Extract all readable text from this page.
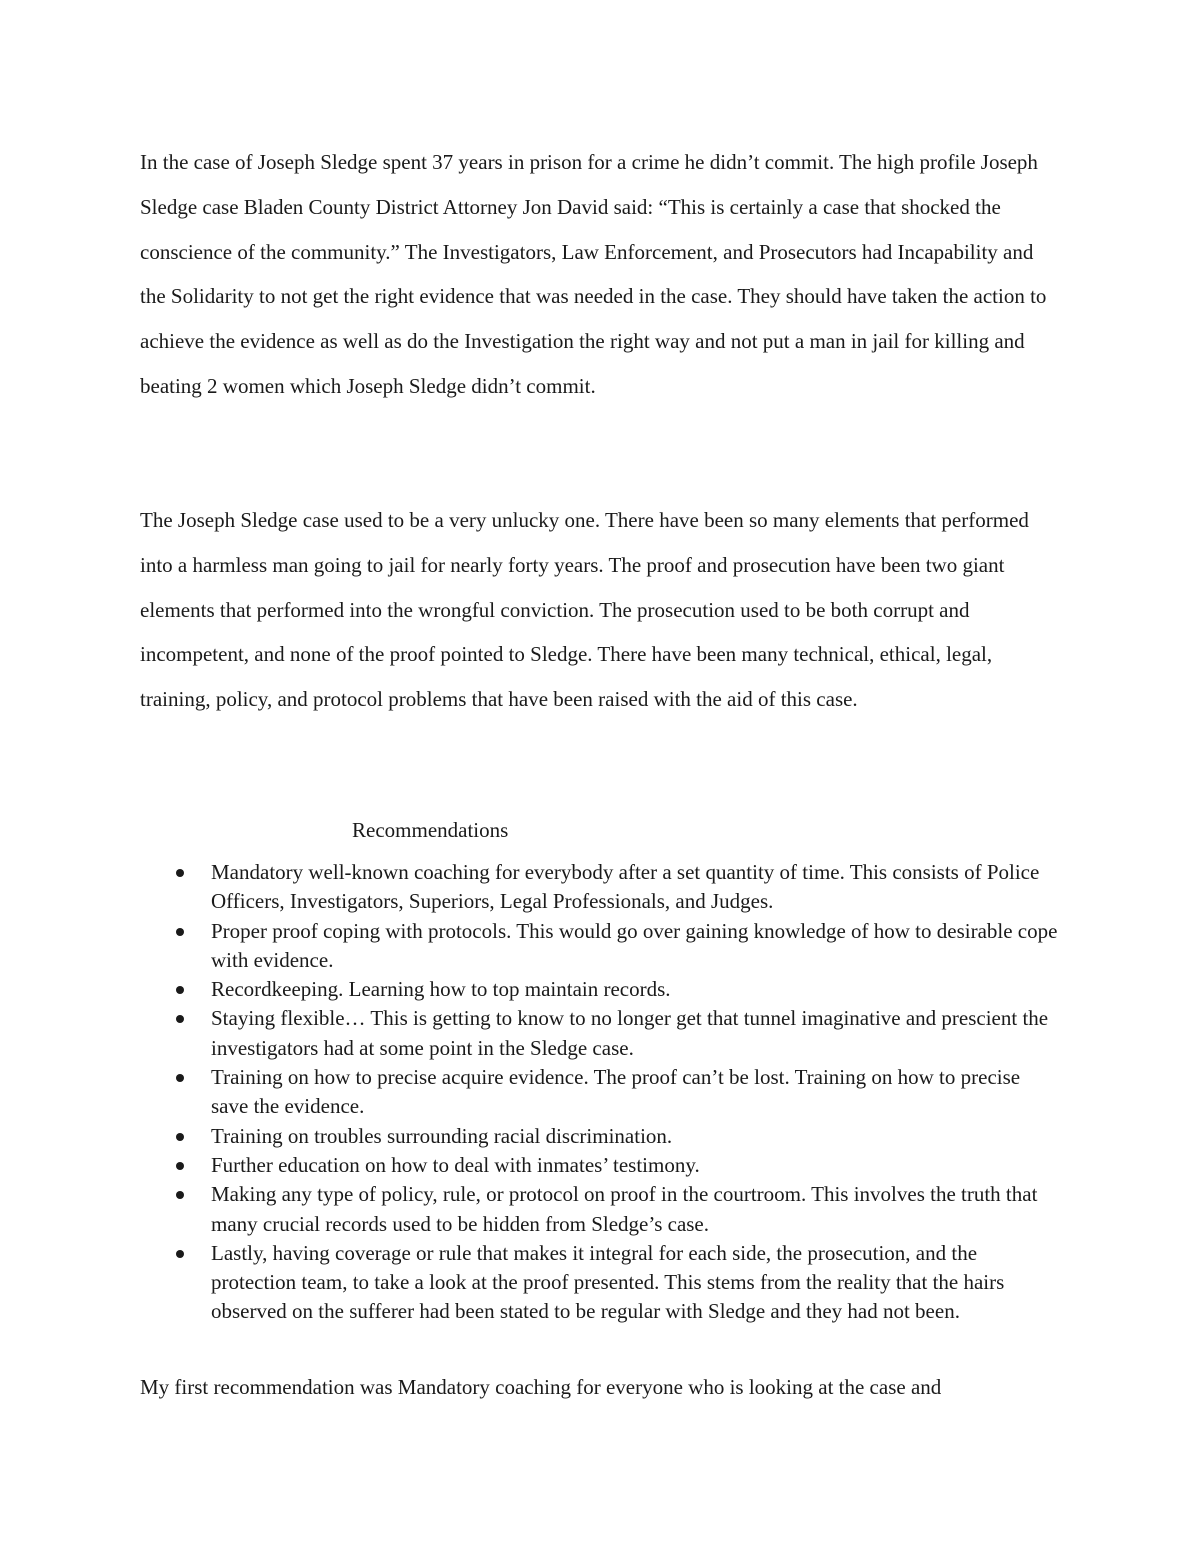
In the case of Joseph Sledge spent 37 years in prison for a crime he didn’t commit. The high profile Joseph Sledge case Bladen County District Attorney Jon David said: “This is certainly a case that shocked the conscience of the community.” The Investigators, Law Enforcement, and Prosecutors had Incapability and the Solidarity to not get the right evidence that was needed in the case. They should have taken the action to achieve the evidence as well as do the Investigation the right way and not put a man in jail for killing and beating 2 women which Joseph Sledge didn’t commit.

The Joseph Sledge case used to be a very unlucky one. There have been so many elements that performed into a harmless man going to jail for nearly forty years. The proof and prosecution have been two giant elements that performed into the wrongful conviction. The prosecution used to be both corrupt and incompetent, and none of the proof pointed to Sledge. There have been many technical, ethical, legal, training, policy, and protocol problems that have been raised with the aid of this case.

Recommendations
Mandatory well-known coaching for everybody after a set quantity of time. This consists of Police Officers, Investigators, Superiors, Legal Professionals, and Judges.
Proper proof coping with protocols. This would go over gaining knowledge of how to desirable cope with evidence.
Recordkeeping. Learning how to top maintain records.
Staying flexible… This is getting to know to no longer get that tunnel imaginative and prescient the investigators had at some point in the Sledge case.
Training on how to precise acquire evidence. The proof can’t be lost. Training on how to precise save the evidence.
Training on troubles surrounding racial discrimination.
Further education on how to deal with inmates’ testimony.
Making any type of policy, rule, or protocol on proof in the courtroom. This involves the truth that many crucial records used to be hidden from Sledge’s case.
Lastly, having coverage or rule that makes it integral for each side, the prosecution, and the protection team, to take a look at the proof presented. This stems from the reality that the hairs observed on the sufferer had been stated to be regular with Sledge and they had not been.

My first recommendation was Mandatory coaching for everyone who is looking at the case and
